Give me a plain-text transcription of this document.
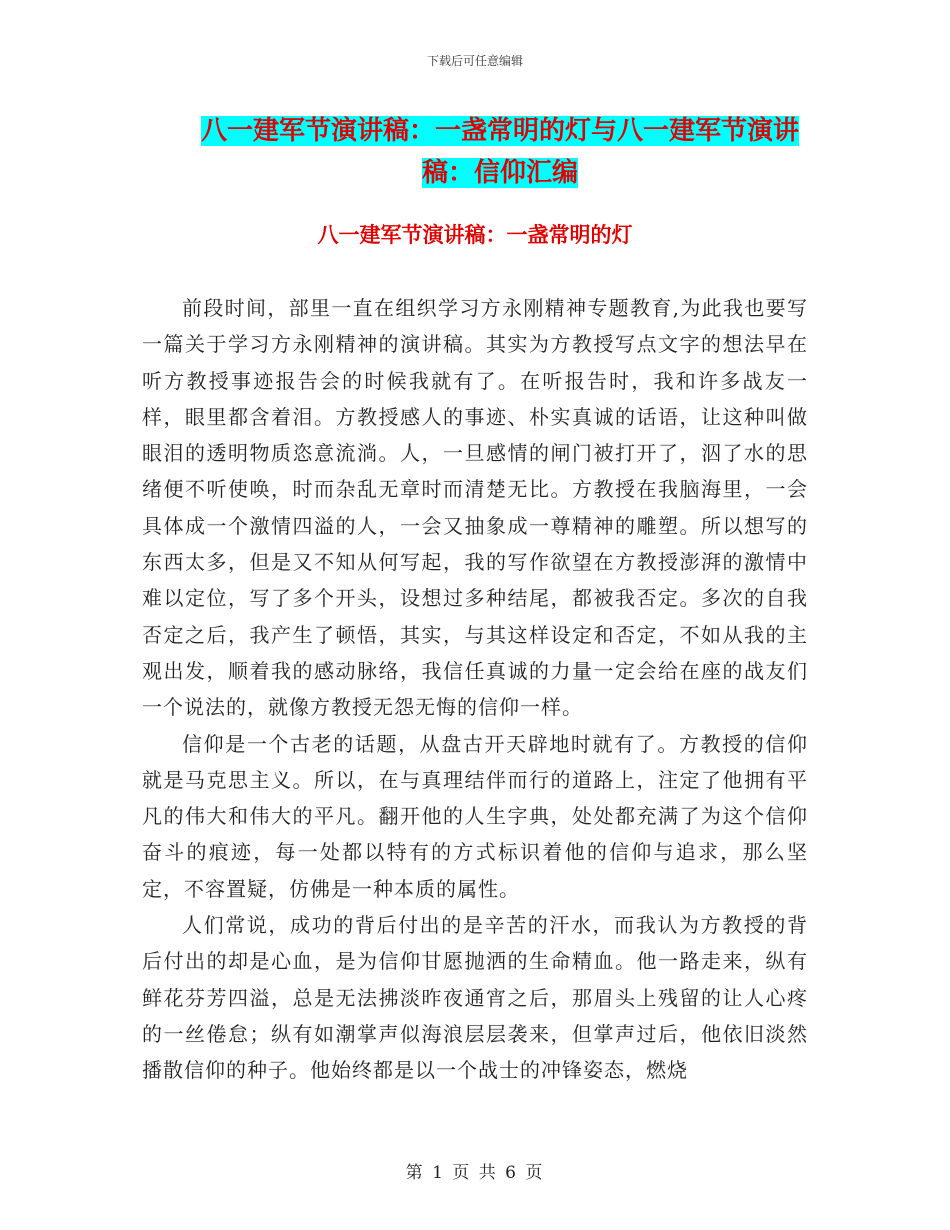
下载后可任意编辑
八一建军节演讲稿：一盏常明的灯与八一建军节演讲
稿：信仰汇编
八一建军节演讲稿：一盏常明的灯

前段时间，部里一直在组织学习方永刚精神专题教育,为此我也要写一篇关于学习方永刚精神的演讲稿。其实为方教授写点文字的想法早在听方教授事迹报告会的时候我就有了。在听报告时，我和许多战友一样，眼里都含着泪。方教授感人的事迹、朴实真诚的话语，让这种叫做眼泪的透明物质恣意流淌。人，一旦感情的闸门被打开了，泅了水的思绪便不听使唤，时而杂乱无章时而清楚无比。方教授在我脑海里，一会具体成一个激情四溢的人，一会又抽象成一尊精神的雕塑。所以想写的东西太多，但是又不知从何写起，我的写作欲望在方教授澎湃的激情中难以定位，写了多个开头，设想过多种结尾，都被我否定。多次的自我否定之后，我产生了顿悟，其实，与其这样设定和否定，不如从我的主观出发，顺着我的感动脉络，我信任真诚的力量一定会给在座的战友们一个说法的，就像方教授无怨无悔的信仰一样。

信仰是一个古老的话题，从盘古开天辟地时就有了。方教授的信仰就是马克思主义。所以，在与真理结伴而行的道路上，注定了他拥有平凡的伟大和伟大的平凡。翻开他的人生字典，处处都充满了为这个信仰奋斗的痕迹，每一处都以特有的方式标识着他的信仰与追求，那么坚定，不容置疑，仿佛是一种本质的属性。

人们常说，成功的背后付出的是辛苦的汗水，而我认为方教授的背后付出的却是心血，是为信仰甘愿抛洒的生命精血。他一路走来，纵有鲜花芬芳四溢，总是无法拂淡昨夜通宵之后，那眉头上残留的让人心疼的一丝倦怠；纵有如潮掌声似海浪层层袭来，但掌声过后，他依旧淡然播散信仰的种子。他始终都是以一个战士的冲锋姿态，燃烧

第 1 页 共 6 页
